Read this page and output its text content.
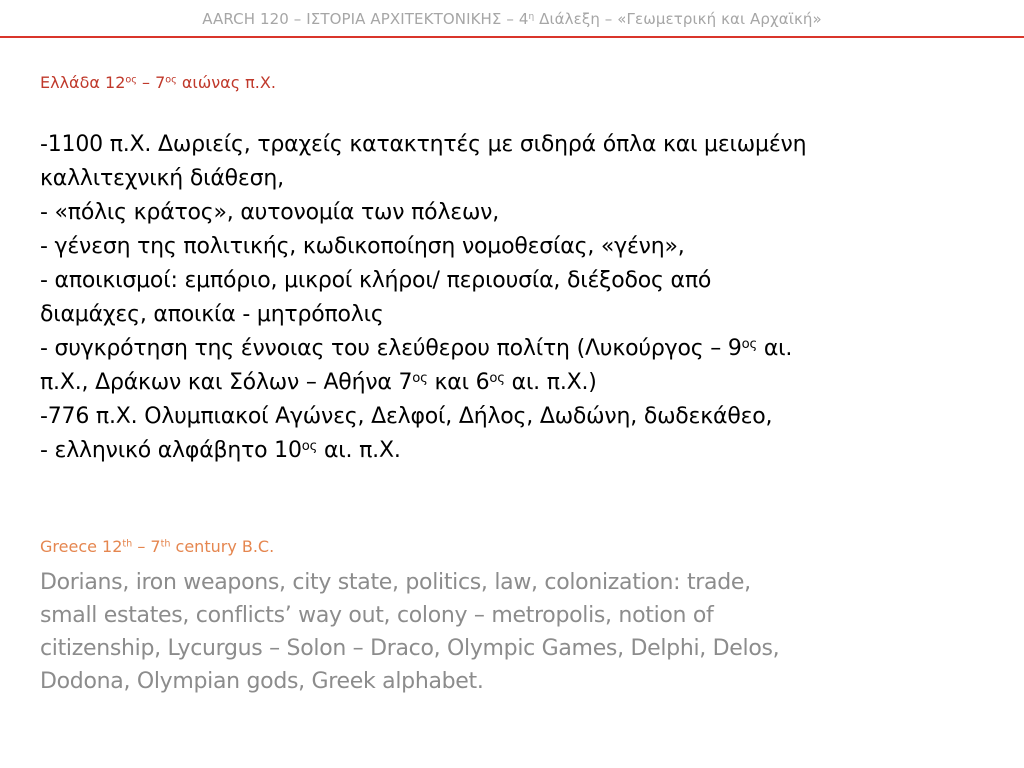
AARCH 120 – ΙΣΤΟΡΙΑ ΑΡΧΙΤΕΚΤΟΝΙΚΗΣ – $4^\eta$ Διάλεξη – «Γεωμετρική και Αρχαϊκή»
Ελλάδα $12^{o\varsigma} - 7^{o\varsigma}$ αιώνας π.Χ.
-1100 π.Χ. Δωριείς, τραχείς κατακτητές με σιδηρά όπλα και μειωμένη
καλλιτεχνική διάθεση,
- «πόλις κράτος», αυτονομία των πόλεων,
- γένεση της πολιτικής, κωδικοποίηση νομοθεσίας, «γένη»,
- αποικισμοί: εμπόριο, μικροί κλήροι/ περιουσία, διέξοδος από
διαμάχες, αποικία - μητρόπολις
- συγκρότηση της έννοιας του ελεύθερου πολίτη ($\Lambda\upsilon\kappa oύ\rho\gamma o\varsigma - 9^{o\varsigma}$ αι.
π.Χ., Δράκων και Σόλων – Αθήνα $7^{o\varsigma}$ και $6^{o\varsigma}$ αι. π.Χ.)
-776 π.Χ. Ολυμπιακοί Αγώνες, Δελφοί, Δήλος, Δωδώνη, δωδεκάθεο,
- ελληνικό αλφάβητο $10^{o\varsigma}$ αι. π.Χ.
Greece 12th – 7th century B.C.
Dorians, iron weapons, city state, politics, law, colonization: trade,
small estates, conflicts’ way out, colony – metropolis, notion of
citizenship, Lycurgus – Solon – Draco, Olympic Games, Delphi, Delos,
Dodona, Olympian gods, Greek alphabet.
